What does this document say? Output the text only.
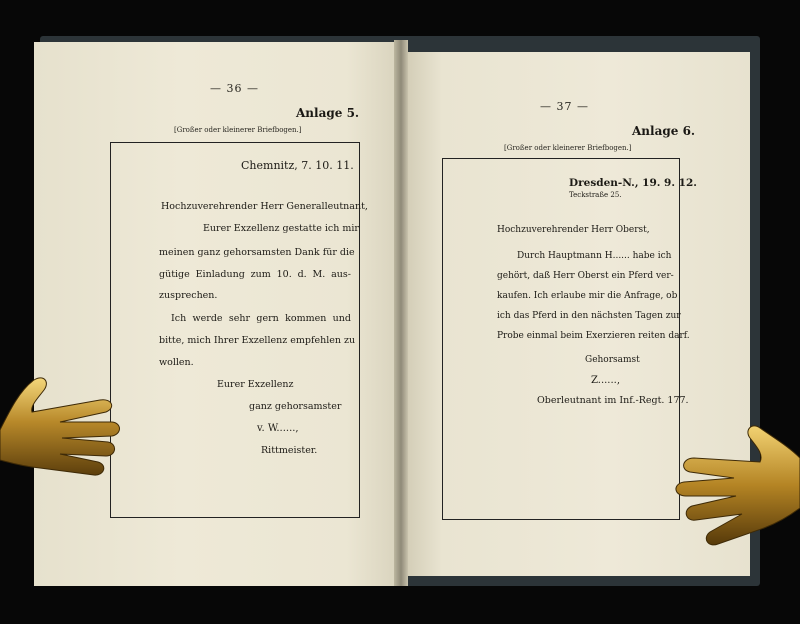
— 36 —
Anlage 5.
[Großer oder kleinerer Briefbogen.]
Chemnitz, 7. 10. 11.
Hochzuverehrender Herr Generalleutnant,
Eurer Exzellenz gestatte ich mir
meinen ganz gehorsamsten Dank für die
gütige Einladung zum 10. d. M. aus-
zusprechen.
Ich werde sehr gern kommen und
bitte, mich Ihrer Exzellenz empfehlen zu
wollen.
Eurer Exzellenz
ganz gehorsamster
v. W......,
Rittmeister.
— 37 —
Anlage 6.
[Großer oder kleinerer Briefbogen.]
Dresden-N., 19. 9. 12.
Teckstraße 25.
Hochzuverehrender Herr Oberst,
Durch Hauptmann H...... habe ich
gehört, daß Herr Oberst ein Pferd ver-
kaufen. Ich erlaube mir die Anfrage, ob
ich das Pferd in den nächsten Tagen zur
Probe einmal beim Exerzieren reiten darf.
Gehorsamst
Z......,
Oberleutnant im Inf.-Regt. 177.
